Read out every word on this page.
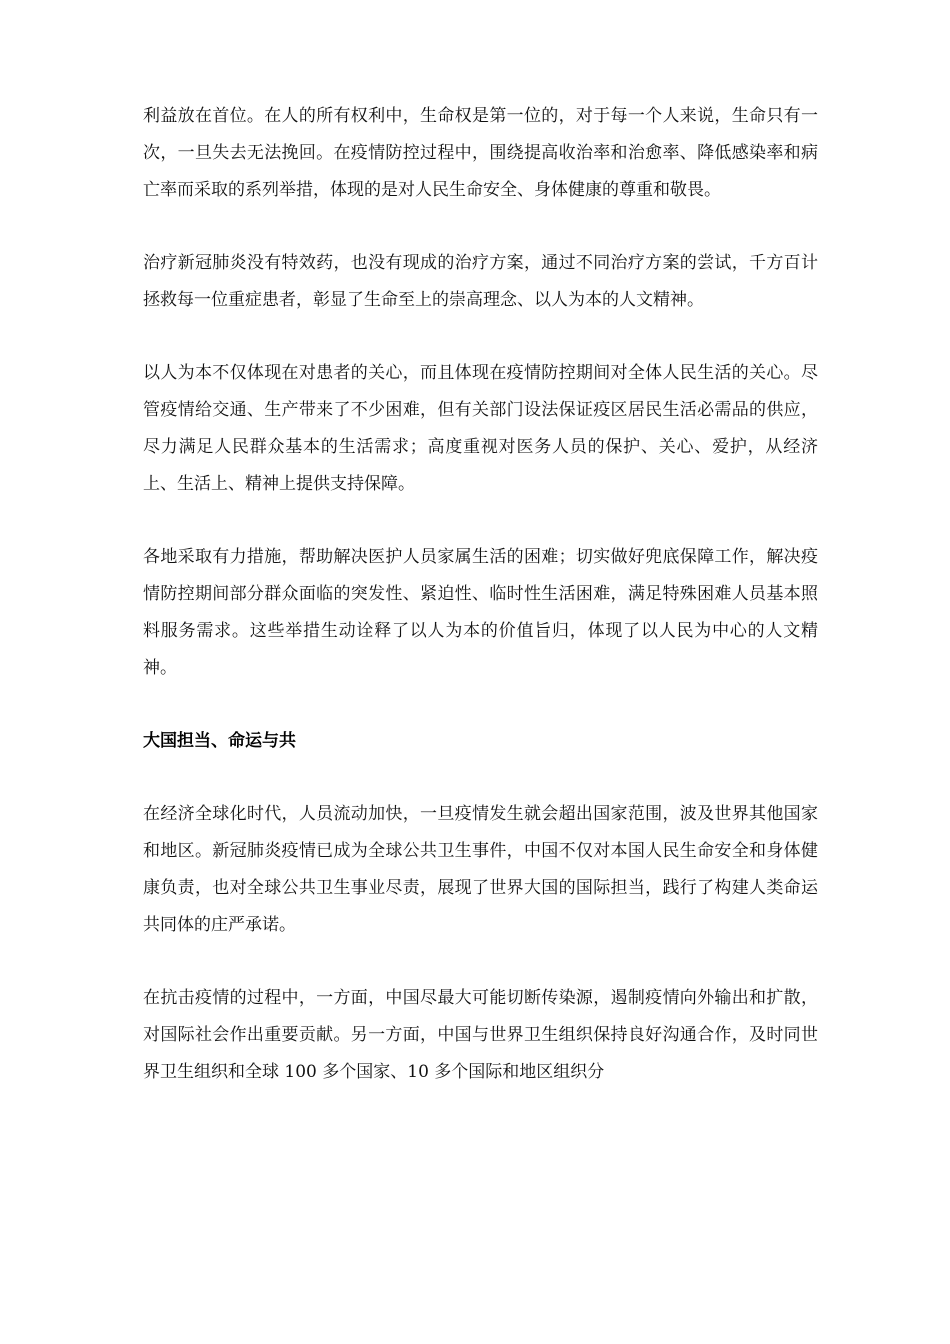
利益放在首位。在人的所有权利中，生命权是第一位的，对于每一个人来说，生命只有一次，一旦失去无法挽回。在疫情防控过程中，围绕提高收治率和治愈率、降低感染率和病亡率而采取的系列举措，体现的是对人民生命安全、身体健康的尊重和敬畏。

治疗新冠肺炎没有特效药，也没有现成的治疗方案，通过不同治疗方案的尝试，千方百计拯救每一位重症患者，彰显了生命至上的崇高理念、以人为本的人文精神。

以人为本不仅体现在对患者的关心，而且体现在疫情防控期间对全体人民生活的关心。尽管疫情给交通、生产带来了不少困难，但有关部门设法保证疫区居民生活必需品的供应，尽力满足人民群众基本的生活需求；高度重视对医务人员的保护、关心、爱护，从经济上、生活上、精神上提供支持保障。

各地采取有力措施，帮助解决医护人员家属生活的困难；切实做好兜底保障工作，解决疫情防控期间部分群众面临的突发性、紧迫性、临时性生活困难，满足特殊困难人员基本照料服务需求。这些举措生动诠释了以人为本的价值旨归，体现了以人民为中心的人文精神。

大国担当、命运与共

在经济全球化时代，人员流动加快，一旦疫情发生就会超出国家范围，波及世界其他国家和地区。新冠肺炎疫情已成为全球公共卫生事件，中国不仅对本国人民生命安全和身体健康负责，也对全球公共卫生事业尽责，展现了世界大国的国际担当，践行了构建人类命运共同体的庄严承诺。

在抗击疫情的过程中，一方面，中国尽最大可能切断传染源，遏制疫情向外输出和扩散，对国际社会作出重要贡献。另一方面，中国与世界卫生组织保持良好沟通合作，及时同世界卫生组织和全球 100 多个国家、10 多个国际和地区组织分
